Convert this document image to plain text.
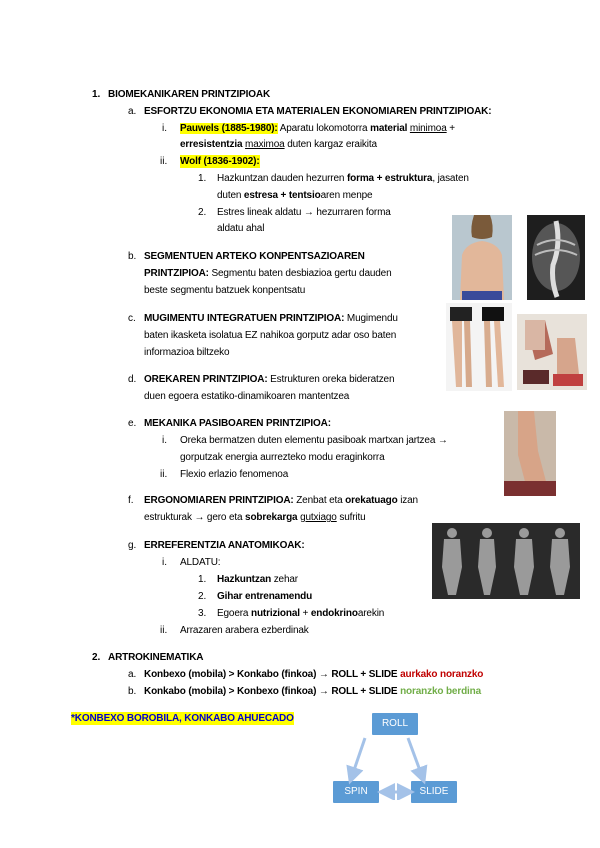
1. BIOMEKANIKAREN PRINTZIPIOAK
a. ESFORTZU EKONOMIA ETA MATERIALEN EKONOMIAREN PRINTZIPIOAK:
i. Pauwels (1885-1980): Aparatu lokomotorra material minimoa +
erresistentzia maximoa duten kargaz eraikita
ii. Wolf (1836-1902):
1. Hazkuntzan dauden hezurren forma + estruktura, jasaten
duten estresa + tentsioaren menpe
2. Estres lineak aldatu → hezurraren forma
aldatu ahal
b. SEGMENTUEN ARTEKO KONPENTSAZIOAREN
PRINTZIPIOA: Segmentu baten desbiazioa gertu dauden
beste segmentu batzuek konpentsatu
c. MUGIMENTU INTEGRATUEN PRINTZIPIOA: Mugimendu
baten ikasketa isolatua EZ nahikoa gorputz adar oso baten
informazioa biltzeko
d. OREKAREN PRINTZIPIOA: Estrukturen oreka bideratzen
duen egoera estatiko-dinamikoaren mantentzea
e. MEKANIKA PASIBOAREN PRINTZIPIOA:
i. Oreka bermatzen duten elementu pasiboak martxan jartzea →
gorputzak energia aurrezteko modu eraginkorra
ii. Flexio erlazio fenomenoa
f. ERGONOMIAREN PRINTZIPIOA: Zenbat eta orekatuago izan
estrukturak → gero eta sobrekarga gutxiago sufritu
g. ERREFERENTZIA ANATOMIKOAK:
i. ALDATU:
1. Hazkuntzan zehar
2. Gihar entrenamendu
3. Egoera nutrizional + endokrinoarekin
ii. Arrazaren arabera ezberdinak
2. ARTROKINEMATIKA
a. Konbexo (mobila) > Konkabo (finkoa) → ROLL + SLIDE aurkako noranzko
b. Konkabo (mobila) > Konbexo (finkoa) → ROLL + SLIDE noranzko berdina
*KONBEXO BOROBILA, KONKABO AHUECADO	ROLL
SPIN	SLIDE
